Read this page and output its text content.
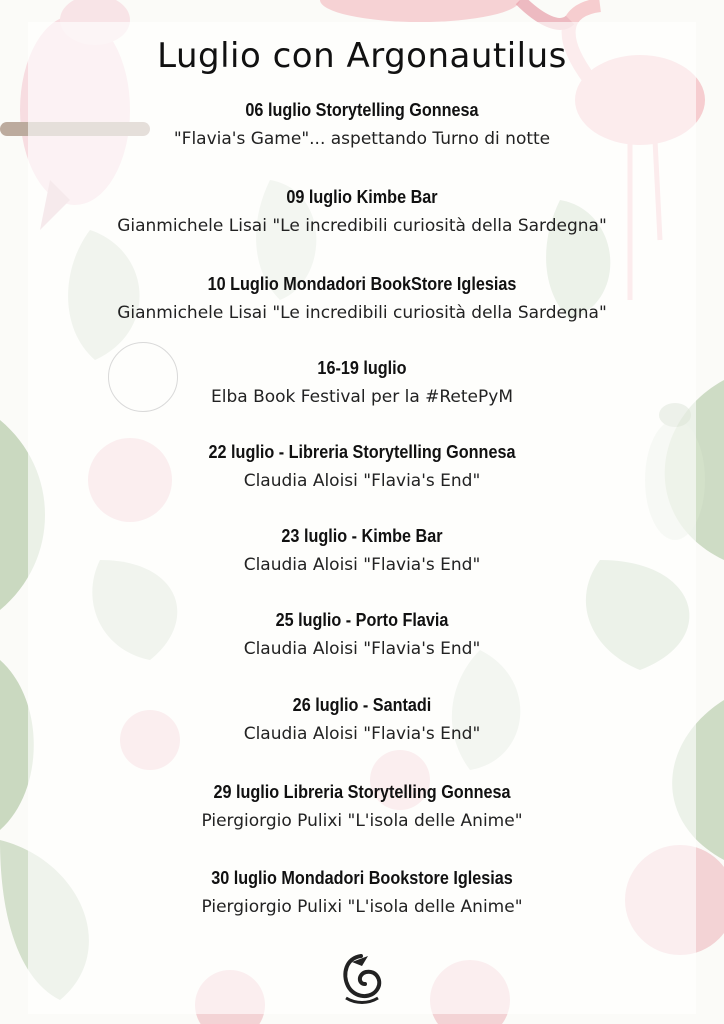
Luglio con Argonautilus
06 luglio Storytelling Gonnesa
"Flavia's Game"... aspettando Turno di notte
09 luglio Kimbe Bar
Gianmichele Lisai "Le incredibili curiosità della Sardegna"
10 Luglio Mondadori BookStore Iglesias
Gianmichele Lisai "Le incredibili curiosità della Sardegna"
16-19 luglio
Elba Book Festival per la #RetePyM
22 luglio - Libreria Storytelling Gonnesa
Claudia Aloisi "Flavia's End"
23 luglio - Kimbe Bar
Claudia Aloisi "Flavia's End"
25 luglio - Porto Flavia
Claudia Aloisi "Flavia's End"
26 luglio - Santadi
Claudia Aloisi "Flavia's End"
29 luglio Libreria Storytelling Gonnesa
Piergiorgio Pulixi "L'isola delle Anime"
30 luglio Mondadori Bookstore Iglesias
Piergiorgio Pulixi "L'isola delle Anime"
